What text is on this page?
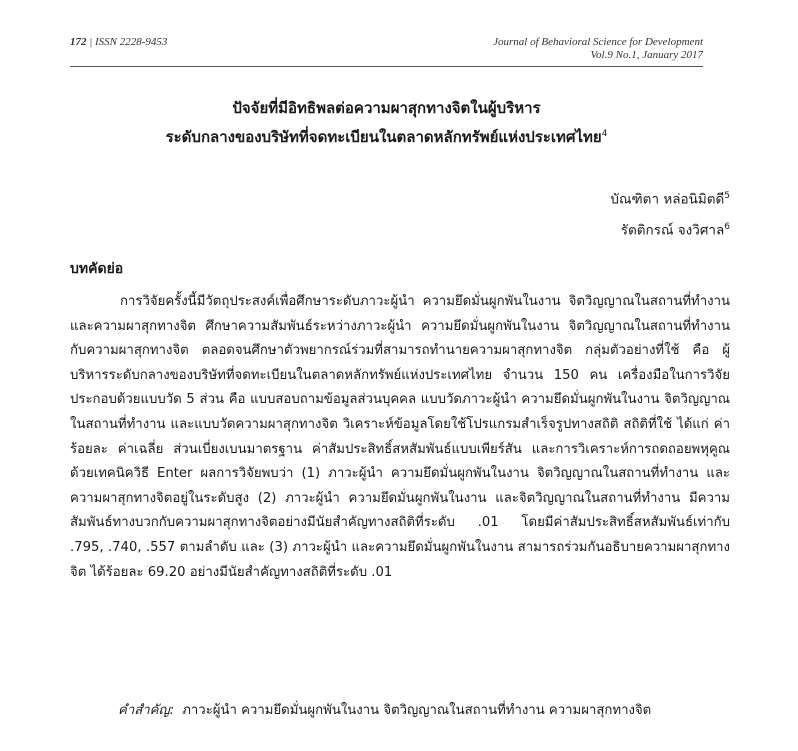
172 | ISSN 2228-9453	Journal of Behavioral Science for Development
Vol.9 No.1, January 2017
ปัจจัยที่มีอิทธิพลต่อความผาสุกทางจิตในผู้บริหาร
ระดับกลางของบริษัทที่จดทะเบียนในตลาดหลักทรัพย์แห่งประเทศไทย$^4$
บัณฑิตา หล่อนิมิตดี$^5$
รัตติกรณ์ จงวิศาล$^6$
บทคัดย่อ
การวิจัยครั้งนี้มีวัตถุประสงค์เพื่อศึกษาระดับภาวะผู้นำ ความยึดมั่นผูกพันในงาน จิตวิญญาณในสถานที่ทำงาน และความผาสุกทางจิต ศึกษาความสัมพันธ์ระหว่างภาวะผู้นำ ความยึดมั่นผูกพันในงาน จิตวิญญาณในสถานที่ทำงานกับความผาสุกทางจิต ตลอดจนศึกษาตัวพยากรณ์ร่วมที่สามารถทำนายความผาสุกทางจิต กลุ่มตัวอย่างที่ใช้ คือ ผู้บริหารระดับกลางของบริษัทที่จดทะเบียนในตลาดหลักทรัพย์แห่งประเทศไทย จำนวน 150 คน เครื่องมือในการวิจัย ประกอบด้วยแบบวัด 5 ส่วน คือ แบบสอบถามข้อมูลส่วนบุคคล แบบวัดภาวะผู้นำ ความยึดมั่นผูกพันในงาน จิตวิญญาณในสถานที่ทำงาน และแบบวัดความผาสุกทางจิต วิเคราะห์ข้อมูลโดยใช้โปรแกรมสำเร็จรูปทางสถิติ สถิติที่ใช้ ได้แก่ ค่าร้อยละ ค่าเฉลี่ย ส่วนเบี่ยงเบนมาตรฐาน ค่าสัมประสิทธิ์สหสัมพันธ์แบบเพียร์สัน และการวิเคราะห์การถดถอยพหุคูณด้วยเทคนิควิธี Enter ผลการวิจัยพบว่า (1) ภาวะผู้นำ ความยึดมั่นผูกพันในงาน จิตวิญญาณในสถานที่ทำงาน และความผาสุกทางจิตอยู่ในระดับสูง (2) ภาวะผู้นำ ความยึดมั่นผูกพันในงาน และจิตวิญญาณในสถานที่ทำงาน มีความสัมพันธ์ทางบวกกับความผาสุกทางจิตอย่างมีนัยสำคัญทางสถิติที่ระดับ .01 โดยมีค่าสัมประสิทธิ์สหสัมพันธ์เท่ากับ .795, .740, .557 ตามลำดับ และ (3) ภาวะผู้นำ และความยึดมั่นผูกพันในงาน สามารถร่วมกันอธิบายความผาสุกทางจิต ได้ร้อยละ 69.20 อย่างมีนัยสำคัญทางสถิติที่ระดับ .01
คำสำคัญ: ภาวะผู้นำ ความยึดมั่นผูกพันในงาน จิตวิญญาณในสถานที่ทำงาน ความผาสุกทางจิต
